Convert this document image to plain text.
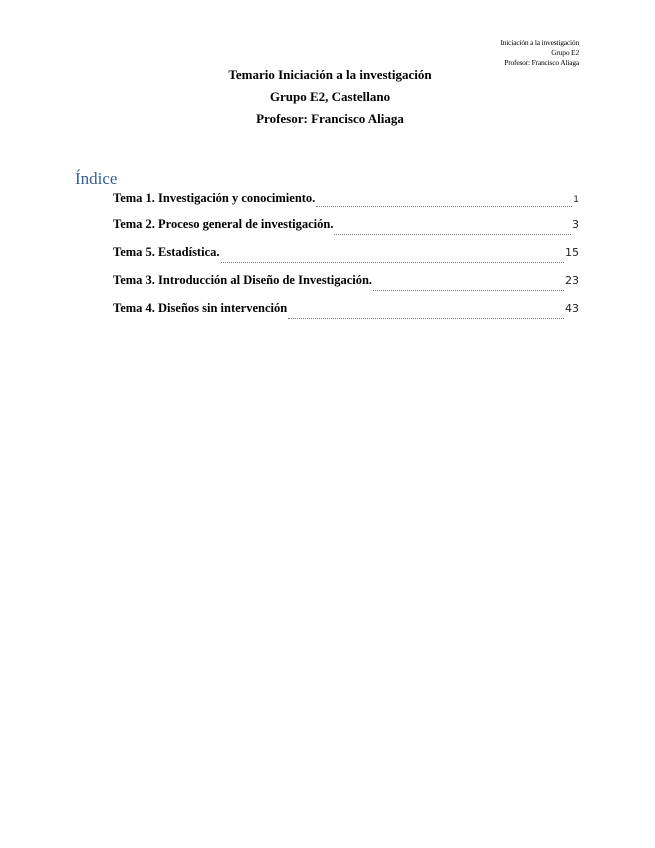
Iniciación a la investigación
Grupo E2
Profesor: Francisco Aliaga
Temario Iniciación a la investigación
Grupo E2, Castellano
Profesor: Francisco Aliaga
Índice
Tema 1. Investigación y conocimiento.	1
Tema 2. Proceso general de investigación.	3
Tema 5. Estadística.	15
Tema 3. Introducción al Diseño de Investigación.	23
Tema 4. Diseños sin intervención	43
